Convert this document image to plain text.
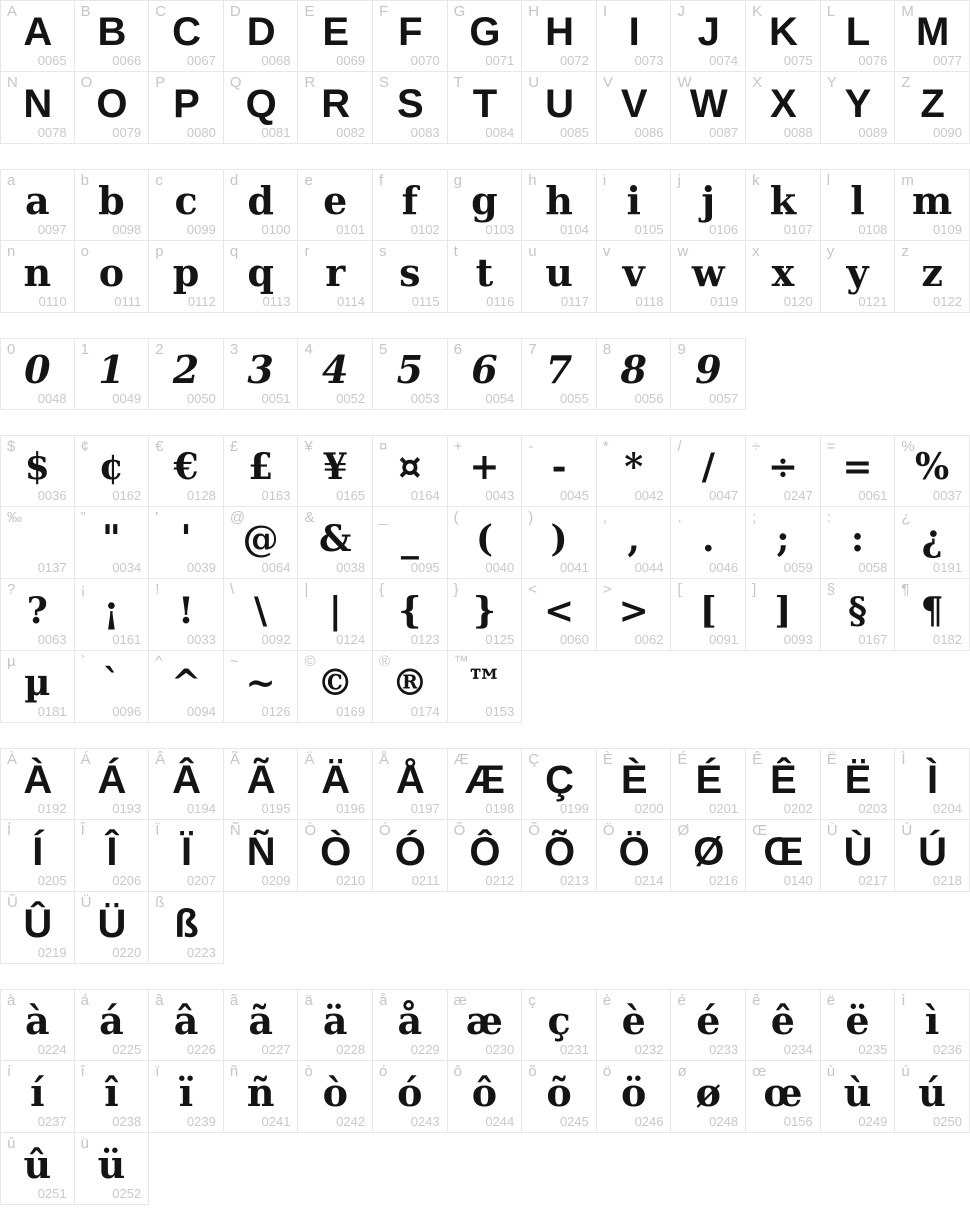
A A
0065
B B
0066
C C
0067
D D
0068
E E
0069
F F
0070
G G
0071
H H
0072
I I
0073
J J
0074
K K
0075
L L
0076
M M
0077
N N
0078
O O
0079
P P
0080
Q Q
0081
R R
0082
S S
0083
T T
0084
U U
0085
V V
0086
W
W
0087
X X
0088
Y Y
0089
Z Z
0090
a a
0097
b b
0098
c c
0099
d d
0100
e e
0101
f f
0102
g g
0103
h h
0104
i i
0105
j j
0106
k k
0107
l l
0108
m
m
0109
n n
0110
o o
0111
p p
0112
q q
0113
r r
0114
s s
0115
t t
0116
u u
0117
v v
0118
w w
0119
x x
0120
y y
0121
z z
0122
0 0
0048
1 1
0049
2 2
0050
3 3
0051
4 4
0052
5 5
0053
6 6
0054
7 7
0055
8 8
0056
9 9
0057
$ $
0036
¢ ¢
0162
€ €
0128
£ £
0163
¥ ¥
0165
¤ ¤
0164
+ +
0043
- -
0045
* *
0042
/ /
0047
÷ ÷
0247
= =
0061
% %
0037
‰
0137
" "
0034
' '
0039
@
@
0064
& &
0038
_ _
0095
( (
0040
) )
0041
, ,
0044
. .
0046
; ;
0059
: :
0058
¿ ¿
0191
? ?
0063
¡ ¡
0161
! !
0033
\ \
0092
| |
0124
{ {
0123
} }
0125
< <
0060
> >
0062
[ [
0091
] ]
0093
§ §
0167
¶ ¶
0182
µ µ
0181
` `
0096
^ ^
0094
~ ~
0126
© ©
0169
® ®
0174
™
™
0153
À À
0192
Á Á
0193
Â Â
0194
Ã Ã
0195
Ä Ä
0196
Å Å
0197
Æ
Æ
0198
Ç Ç
0199
È È
0200
É É
0201
Ê Ê
0202
Ë Ë
0203
Ì Ì
0204
Í Í
0205
Î Î
0206
Ï Ï
0207
Ñ Ñ
0209
Ò Ò
0210
Ó Ó
0211
Ô Ô
0212
Õ Õ
0213
Ö Ö
0214
Ø Ø
0216
Œ
Œ
0140
Ù Ù
0217
Ú Ú
0218
Û Û
0219
Ü Ü
0220
ß ß
0223
à à
0224
á á
0225
â â
0226
ã ã
0227
ä ä
0228
å å
0229
æ
æ
0230
ç ç
0231
è è
0232
é é
0233
ê ê
0234
ë ë
0235
ì ì
0236
í í
0237
î î
0238
ï ï
0239
ñ ñ
0241
ò ò
0242
ó ó
0243
ô ô
0244
õ õ
0245
ö ö
0246
ø ø
0248
œ
œ
0156
ù ù
0249
ú ú
0250
û û
0251
ü ü
0252
